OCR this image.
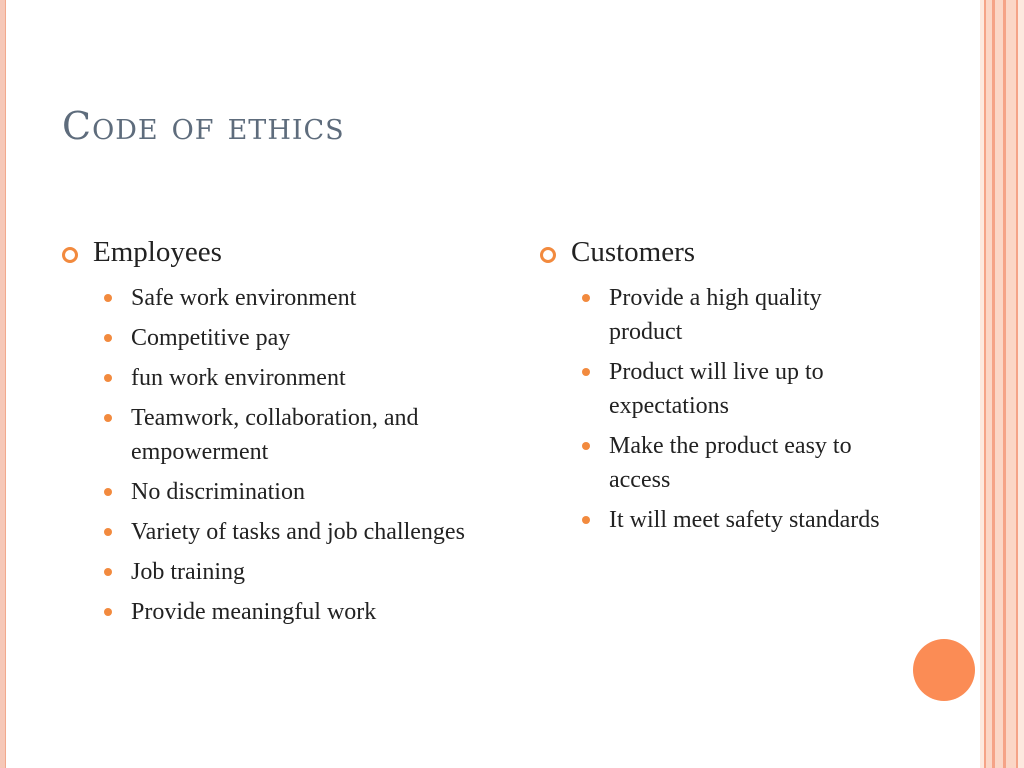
Code of ethics
Employees
Safe work environment
Competitive pay
fun work environment
Teamwork, collaboration, and empowerment
No discrimination
Variety of tasks and job challenges
Job training
Provide meaningful work
Customers
Provide a high quality product
Product will live up to expectations
Make the product easy to access
It will meet safety standards
